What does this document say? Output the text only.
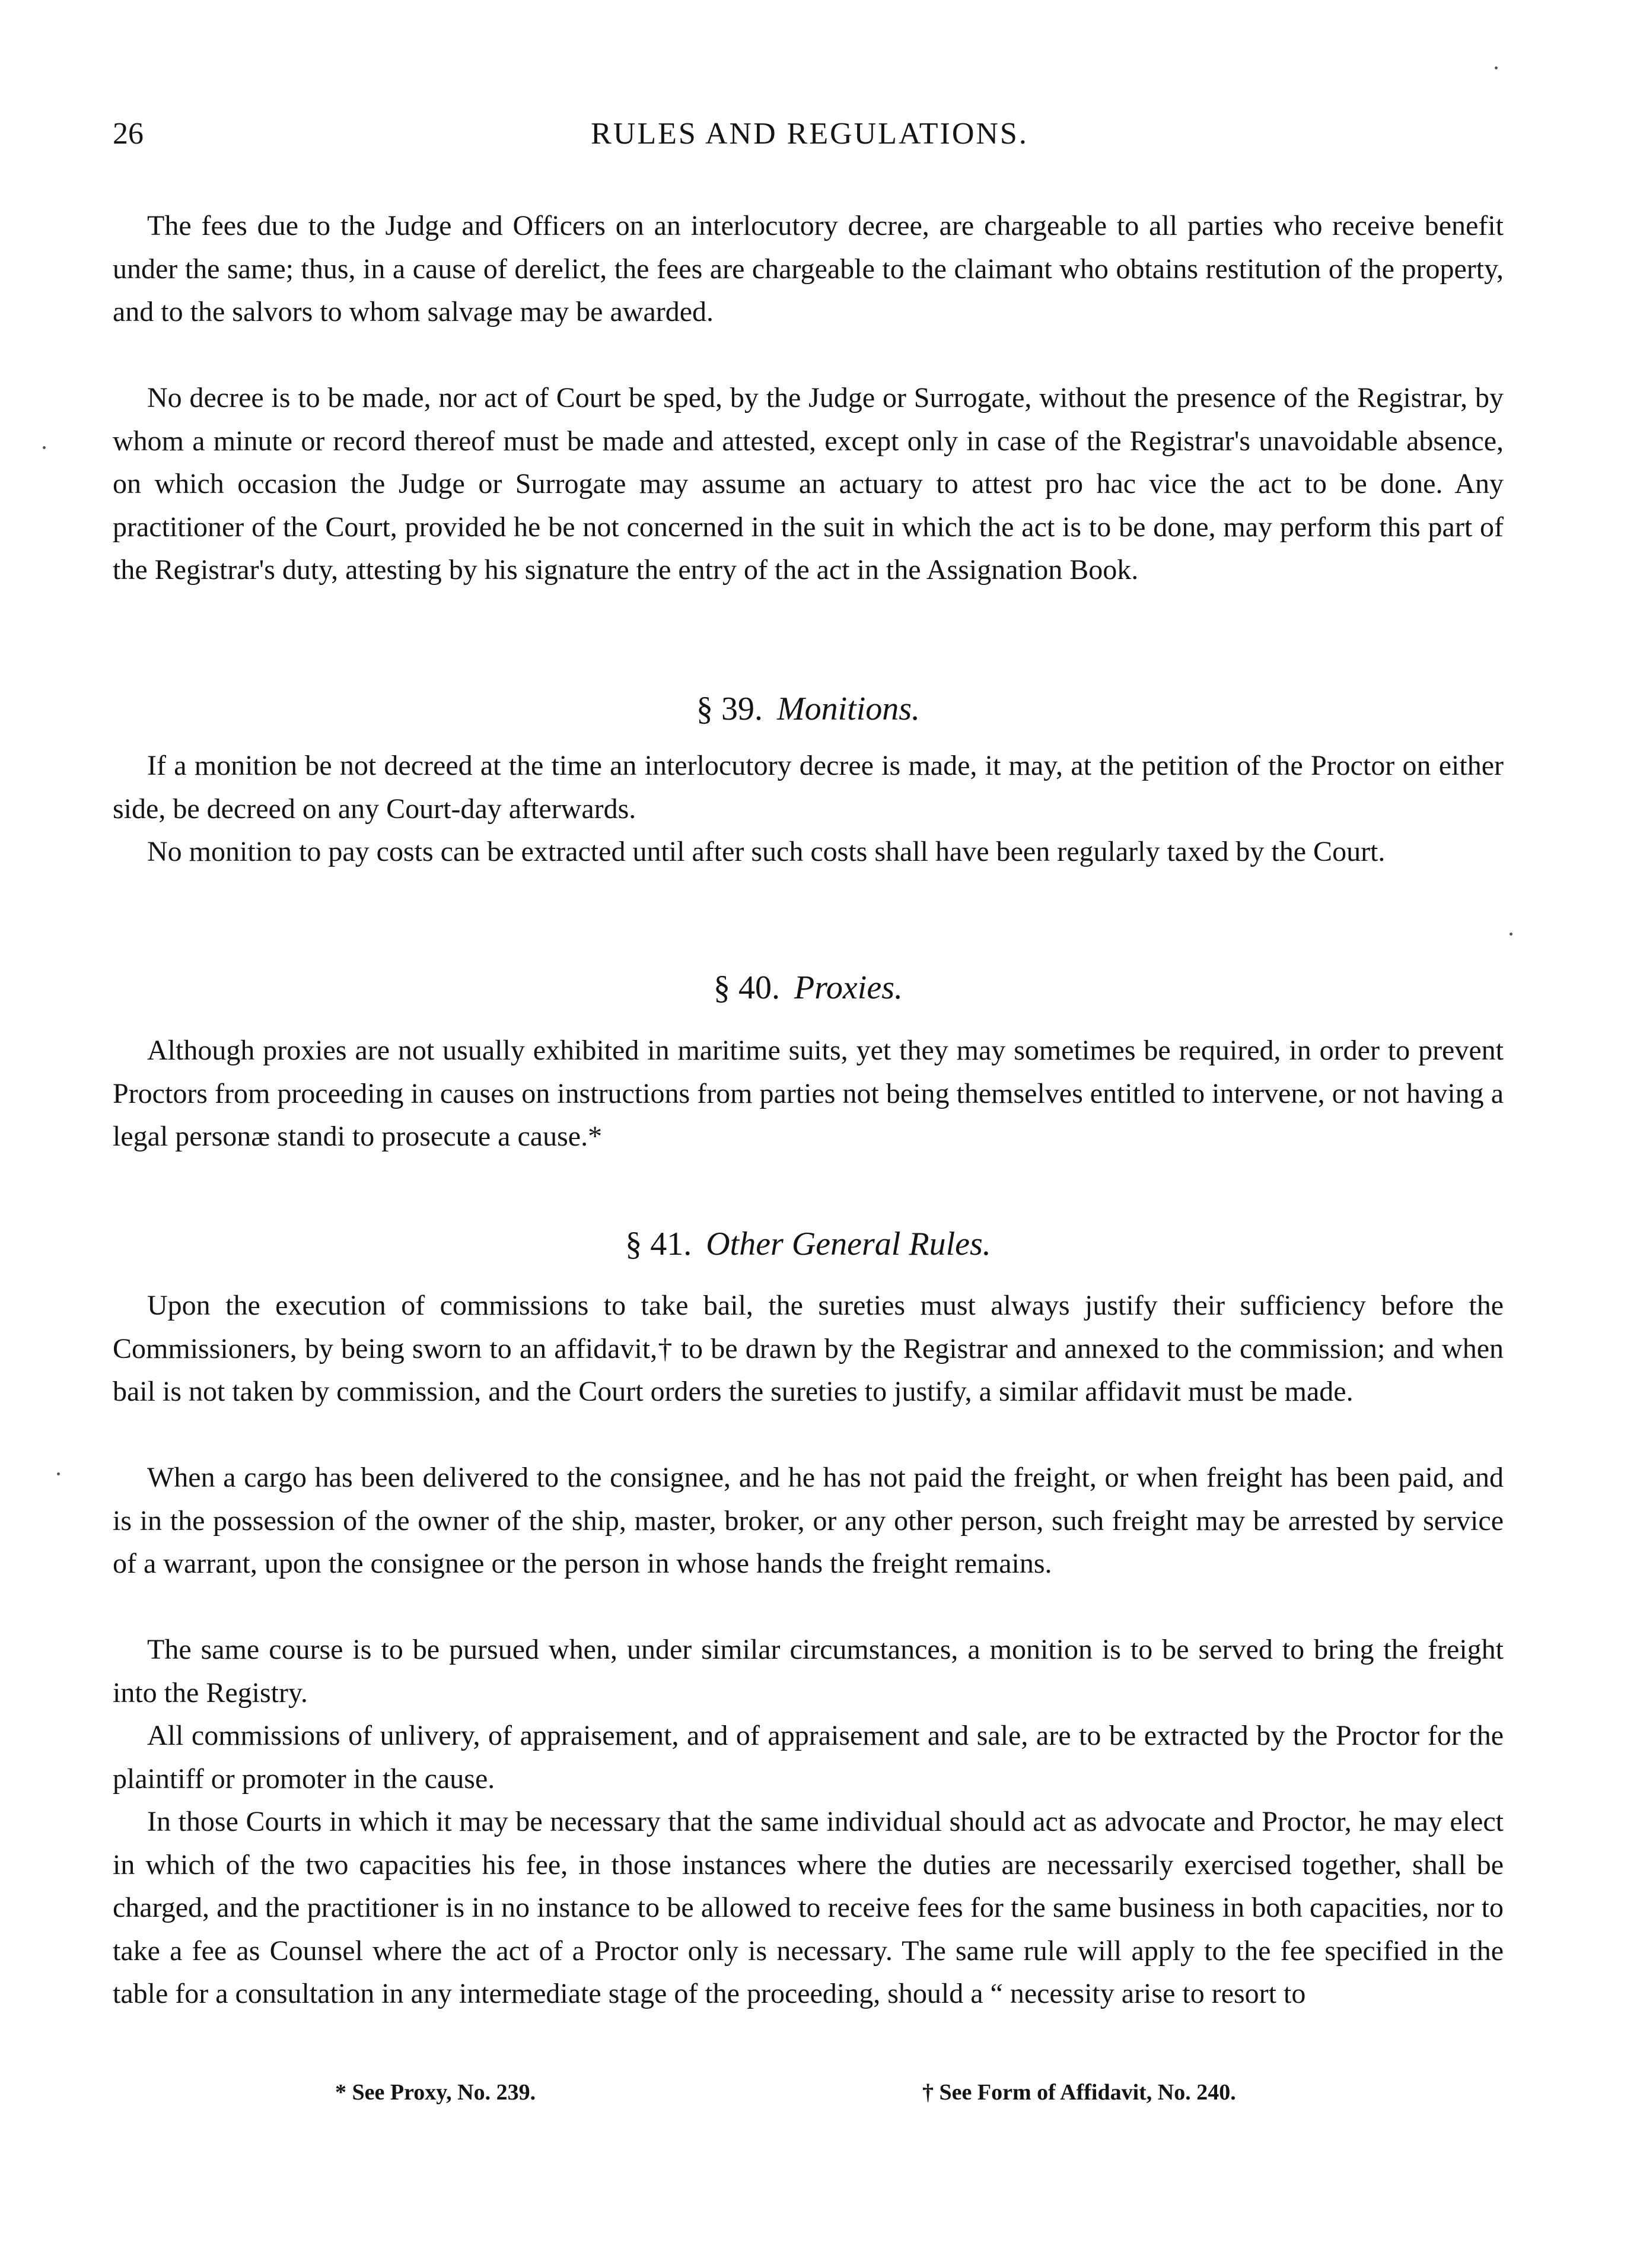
26	RULES AND REGULATIONS.

The fees due to the Judge and Officers on an interlocutory decree, are chargeable to all parties who receive benefit under the same; thus, in a cause of derelict, the fees are chargeable to the claimant who obtains restitution of the property, and to the salvors to whom salvage may be awarded.

No decree is to be made, nor act of Court be sped, by the Judge or Surrogate, without the presence of the Registrar, by whom a minute or record thereof must be made and attested, except only in case of the Registrar's unavoidable absence, on which occasion the Judge or Surrogate may assume an actuary to attest pro hac vice the act to be done. Any practitioner of the Court, provided he be not concerned in the suit in which the act is to be done, may perform this part of the Registrar's duty, attesting by his signature the entry of the act in the Assignation Book.

§ 39. Monitions.

If a monition be not decreed at the time an interlocutory decree is made, it may, at the petition of the Proctor on either side, be decreed on any Court-day afterwards.

No monition to pay costs can be extracted until after such costs shall have been regularly taxed by the Court.

§ 40. Proxies.

Although proxies are not usually exhibited in maritime suits, yet they may sometimes be required, in order to prevent Proctors from proceeding in causes on instructions from parties not being themselves entitled to intervene, or not having a legal personæ standi to prosecute a cause.*

§ 41. Other General Rules.

Upon the execution of commissions to take bail, the sureties must always justify their sufficiency before the Commissioners, by being sworn to an affidavit,† to be drawn by the Registrar and annexed to the commission; and when bail is not taken by commission, and the Court orders the sureties to justify, a similar affidavit must be made.

When a cargo has been delivered to the consignee, and he has not paid the freight, or when freight has been paid, and is in the possession of the owner of the ship, master, broker, or any other person, such freight may be arrested by service of a warrant, upon the consignee or the person in whose hands the freight remains.

The same course is to be pursued when, under similar circumstances, a monition is to be served to bring the freight into the Registry.

All commissions of unlivery, of appraisement, and of appraisement and sale, are to be extracted by the Proctor for the plaintiff or promoter in the cause.

In those Courts in which it may be necessary that the same individual should act as advocate and Proctor, he may elect in which of the two capacities his fee, in those instances where the duties are necessarily exercised together, shall be charged, and the practitioner is in no instance to be allowed to receive fees for the same business in both capacities, nor to take a fee as Counsel where the act of a Proctor only is necessary. The same rule will apply to the fee specified in the table for a consultation in any intermediate stage of the proceeding, should a “ necessity arise to resort to

* See Proxy, No. 239.	† See Form of Affidavit, No. 240.
